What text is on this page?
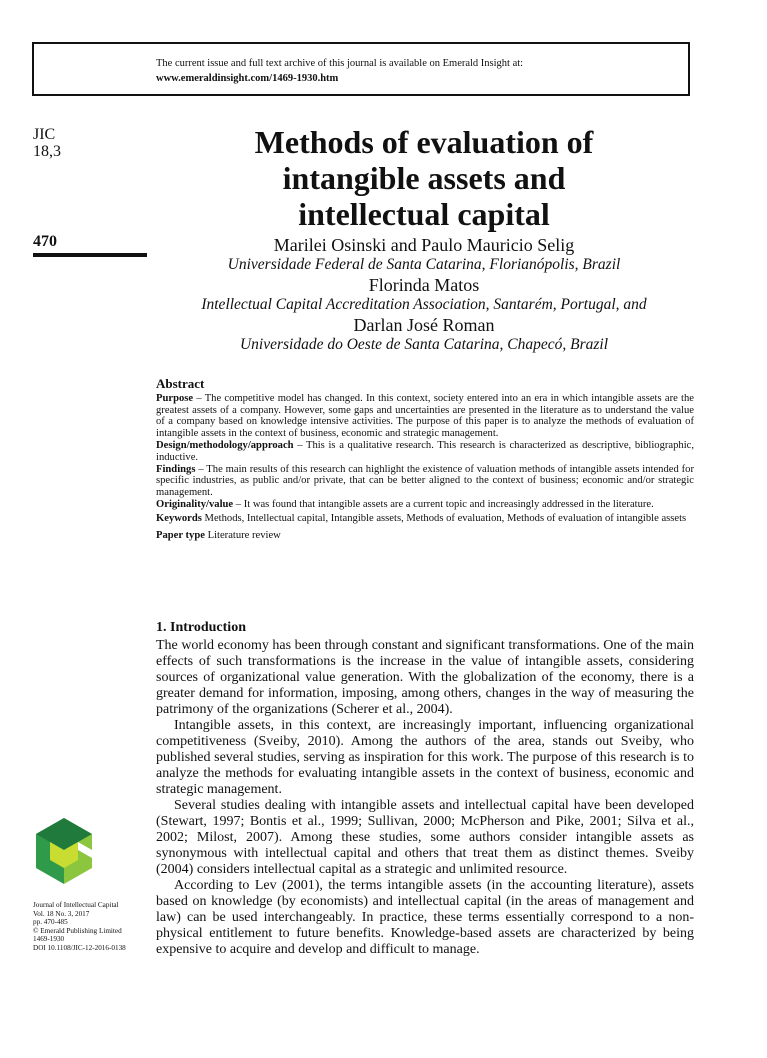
The current issue and full text archive of this journal is available on Emerald Insight at:
www.emeraldinsight.com/1469-1930.htm
JIC
18,3
470
Methods of evaluation of
intangible assets and
intellectual capital
Marilei Osinski and Paulo Mauricio Selig
Universidade Federal de Santa Catarina, Florianópolis, Brazil
Florinda Matos
Intellectual Capital Accreditation Association, Santarém, Portugal, and
Darlan José Roman
Universidade do Oeste de Santa Catarina, Chapecó, Brazil
Abstract

Purpose – The competitive model has changed. In this context, society entered into an era in which intangible assets are the greatest assets of a company. However, some gaps and uncertainties are presented in the literature as to understand the value of a company based on knowledge intensive activities. The purpose of this paper is to analyze the methods of evaluation of intangible assets in the context of business, economic and strategic management.

Design/methodology/approach – This is a qualitative research. This research is characterized as descriptive, bibliographic, inductive.

Findings – The main results of this research can highlight the existence of valuation methods of intangible assets intended for specific industries, as public and/or private, that can be better aligned to the context of business; economic and/or strategic management.

Originality/value – It was found that intangible assets are a current topic and increasingly addressed in the literature.

Keywords Methods, Intellectual capital, Intangible assets, Methods of evaluation, Methods of evaluation of intangible assets

Paper type Literature review

1. Introduction

The world economy has been through constant and significant transformations. One of the main effects of such transformations is the increase in the value of intangible assets, considering sources of organizational value generation. With the globalization of the economy, there is a greater demand for information, imposing, among others, changes in the way of measuring the patrimony of the organizations (Scherer et al., 2004).

Intangible assets, in this context, are increasingly important, influencing organizational competitiveness (Sveiby, 2010). Among the authors of the area, stands out Sveiby, who published several studies, serving as inspiration for this work. The purpose of this research is to analyze the methods for evaluating intangible assets in the context of business, economic and strategic management.

Several studies dealing with intangible assets and intellectual capital have been developed (Stewart, 1997; Bontis et al., 1999; Sullivan, 2000; McPherson and Pike, 2001; Silva et al., 2002; Milost, 2007). Among these studies, some authors consider intangible assets as synonymous with intellectual capital and others that treat them as distinct themes. Sveiby (2004) considers intellectual capital as a strategic and unlimited resource.

According to Lev (2001), the terms intangible assets (in the accounting literature), assets based on knowledge (by economists) and intellectual capital (in the areas of management and law) can be used interchangeably. In practice, these terms essentially correspond to a non-physical entitlement to future benefits. Knowledge-based assets are characterized by being expensive to acquire and develop and difficult to manage.

Journal of Intellectual Capital
Vol. 18 No. 3, 2017
pp. 470-485
© Emerald Publishing Limited
1469-1930
DOI 10.1108/JIC-12-2016-0138
